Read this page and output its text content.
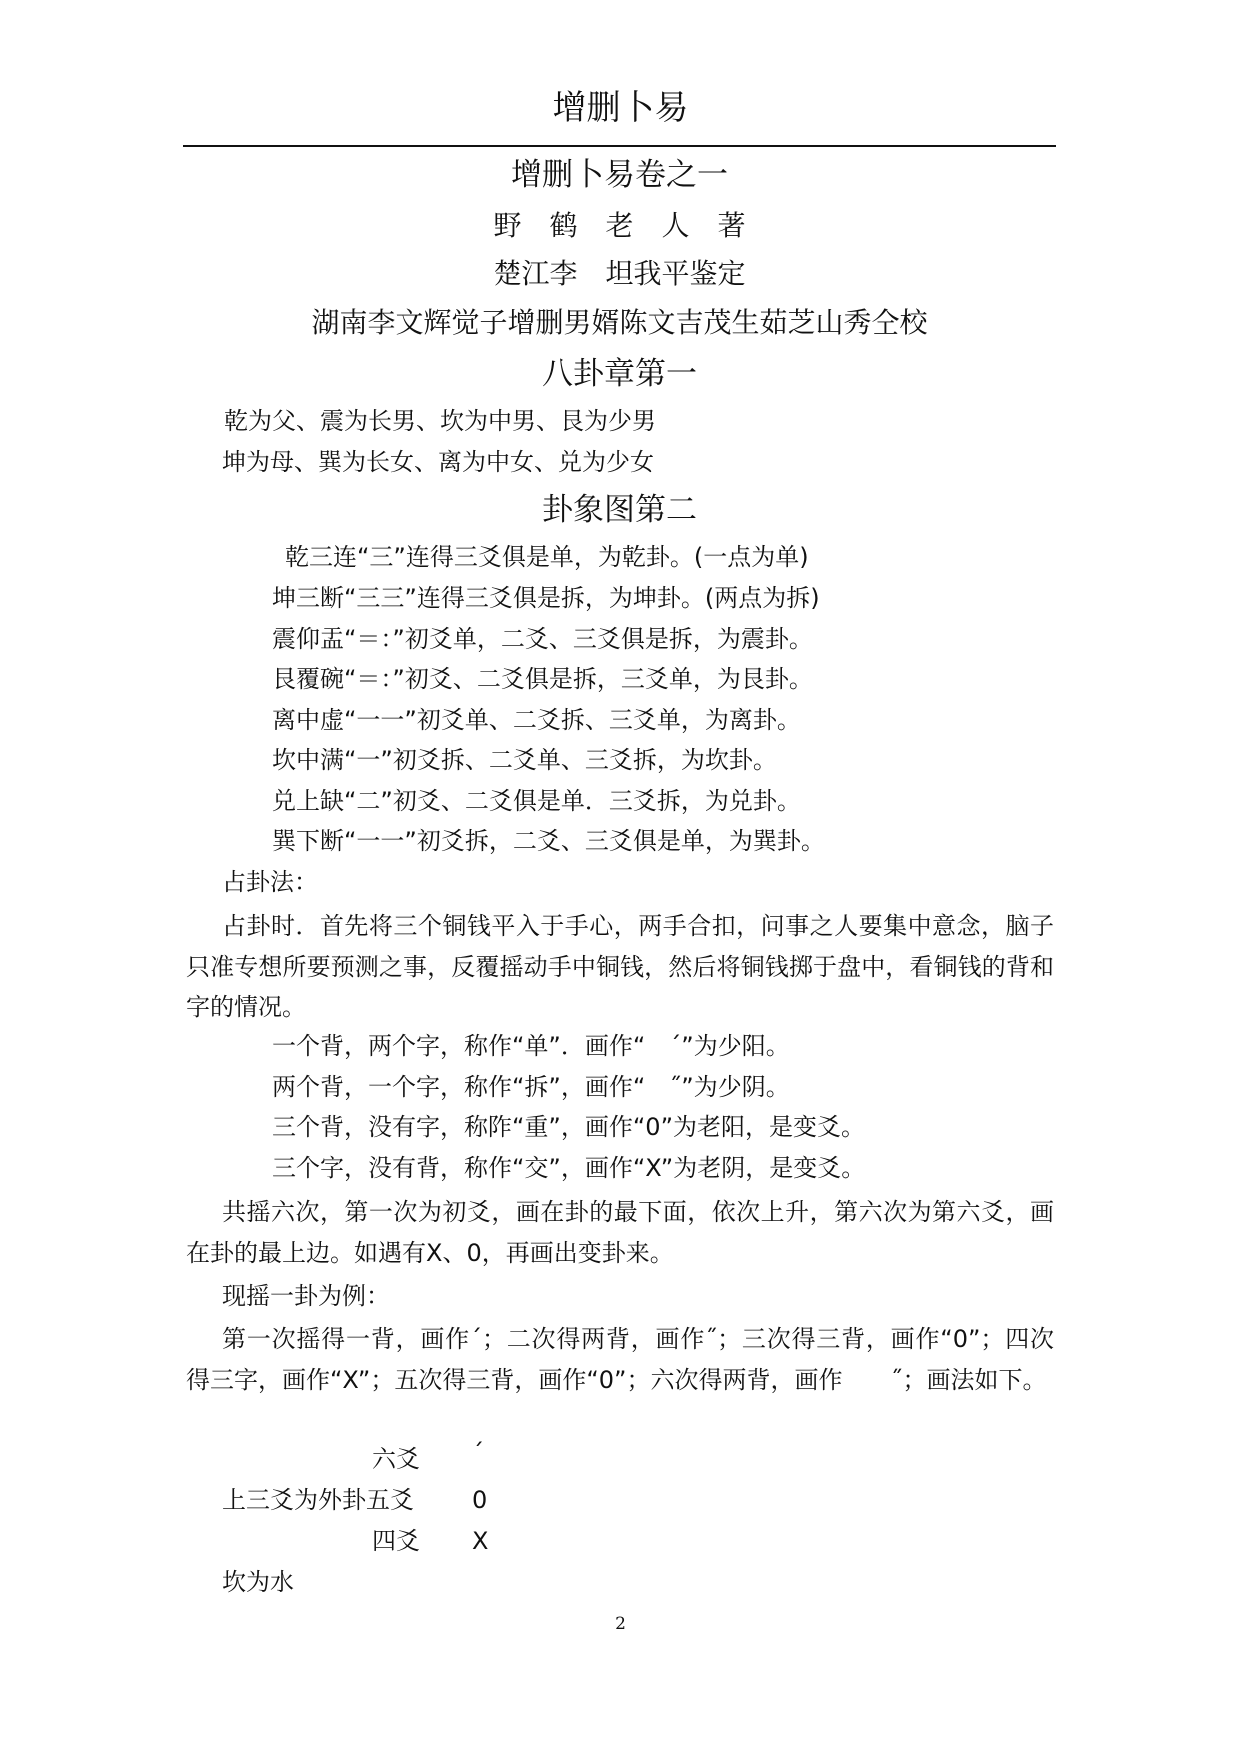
增删卜易
增删卜易卷之一
野　鹤　老　人　著
楚江李　坦我平鉴定
湖南李文辉觉子增删男婿陈文吉茂生茹芝山秀仝校
八卦章第一
乾为父、震为长男、坎为中男、艮为少男
坤为母、巽为长女、离为中女、兑为少女
卦象图第二
乾三连“三”连得三爻俱是单，为乾卦。(一点为单)
坤三断“三三”连得三爻俱是拆，为坤卦。(两点为拆)
震仰盂“＝：”初爻单，二爻、三爻俱是拆，为震卦。
艮覆碗“＝：”初爻、二爻俱是拆，三爻单，为艮卦。
离中虚“一一”初爻单、二爻拆、三爻单，为离卦。
坎中满“一”初爻拆、二爻单、三爻拆，为坎卦。
兑上缺“二”初爻、二爻俱是单．三爻拆，为兑卦。
巽下断“一一”初爻拆，二爻、三爻俱是单，为巽卦。
占卦法：
占卦时．首先将三个铜钱平入于手心，两手合扣，问事之人要集中意念，脑子只准专想所要预测之事，反覆摇动手中铜钱，然后将铜钱掷于盘中，看铜钱的背和字的情况。
一个背，两个字，称作“单”．画作“　´”为少阳。
两个背，一个字，称作“拆”，画作“　˝”为少阴。
三个背，没有字，称阼“重”，画作“0”为老阳，是变爻。
三个字，没有背，称作“交”，画作“X”为老阴，是变爻。
共摇六次，第一次为初爻，画在卦的最下面，依次上升，第六次为第六爻，画在卦的最上边。如遇有X、0，再画出变卦来。
现摇一卦为例：
第一次摇得一背，画作´；二次得两背，画作˝；三次得三背，画作“0”；四次得三字，画作“X”；五次得三背，画作“0”；六次得两背，画作　　˝；画法如下。
六爻 ´
上三爻为外卦五爻 0
四爻 X
坎为水
2
